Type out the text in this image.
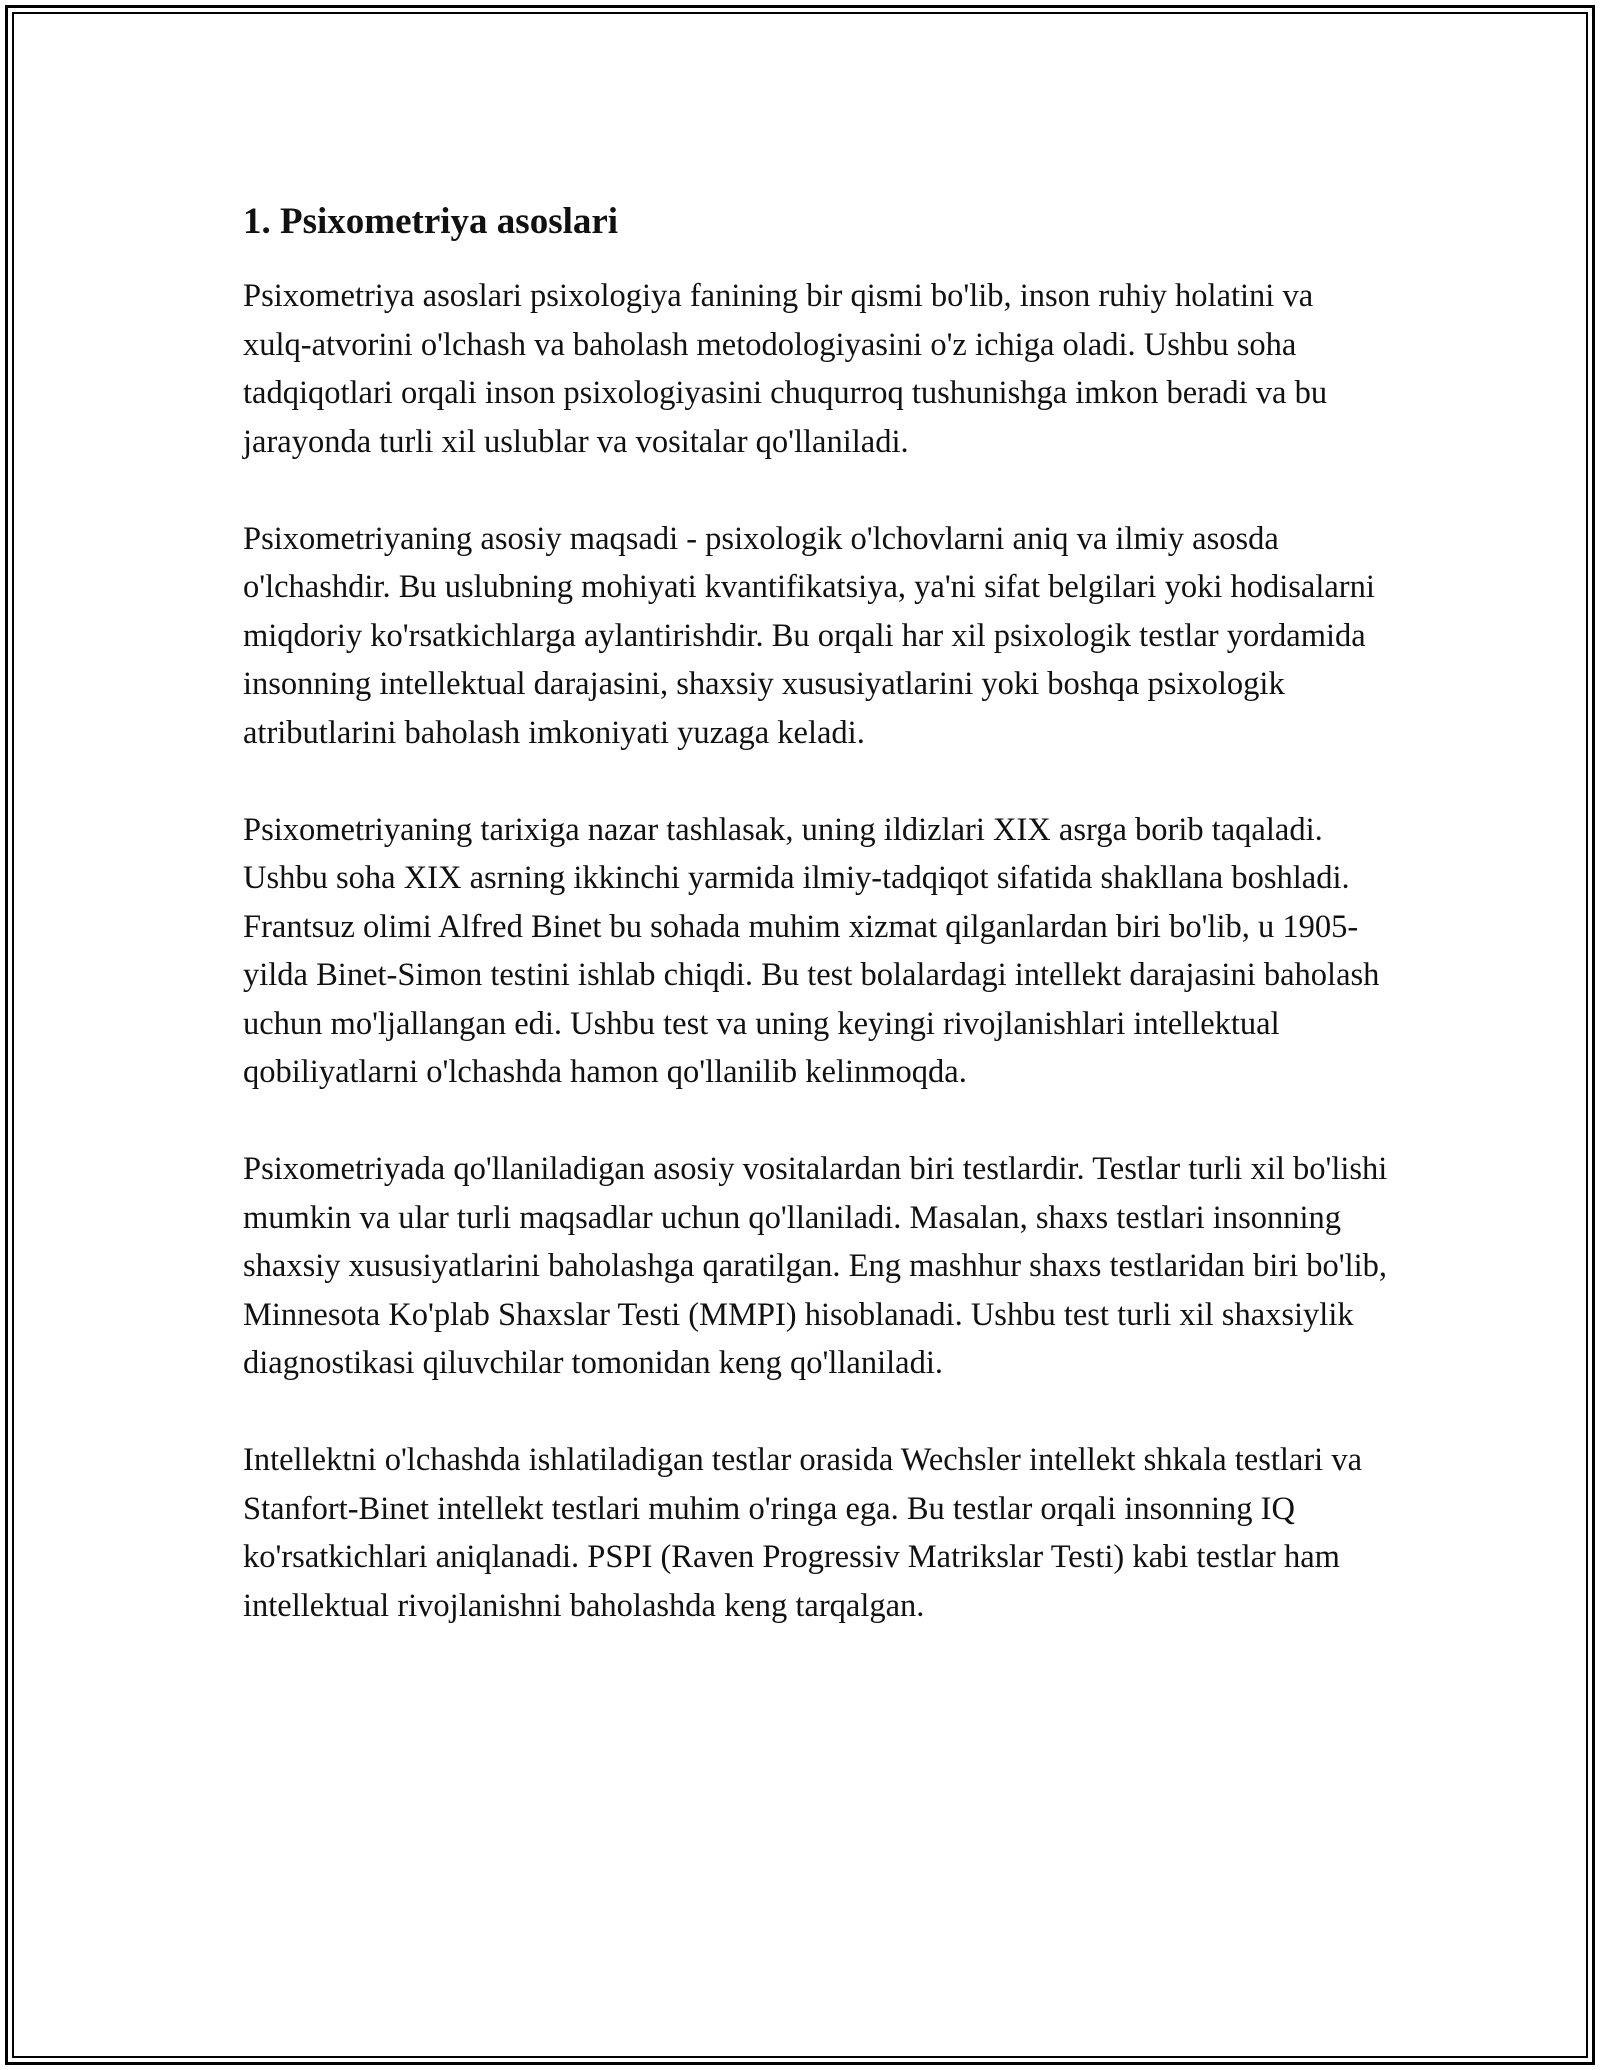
1. Psixometriya asoslari

Psixometriya asoslari psixologiya fanining bir qismi bo'lib, inson ruhiy holatini va xulq-atvorini o'lchash va baholash metodologiyasini o'z ichiga oladi. Ushbu soha tadqiqotlari orqali inson psixologiyasini chuqurroq tushunishga imkon beradi va bu jarayonda turli xil uslublar va vositalar qo'llaniladi.

Psixometriyaning asosiy maqsadi - psixologik o'lchovlarni aniq va ilmiy asosda o'lchashdir. Bu uslubning mohiyati kvantifikatsiya, ya'ni sifat belgilari yoki hodisalarni miqdoriy ko'rsatkichlarga aylantirishdir. Bu orqali har xil psixologik testlar yordamida insonning intellektual darajasini, shaxsiy xususiyatlarini yoki boshqa psixologik atributlarini baholash imkoniyati yuzaga keladi.

Psixometriyaning tarixiga nazar tashlasak, uning ildizlari XIX asrga borib taqaladi. Ushbu soha XIX asrning ikkinchi yarmida ilmiy-tadqiqot sifatida shakllana boshladi. Frantsuz olimi Alfred Binet bu sohada muhim xizmat qilganlardan biri bo'lib, u 1905-yilda Binet-Simon testini ishlab chiqdi. Bu test bolalardagi intellekt darajasini baholash uchun mo'ljallangan edi. Ushbu test va uning keyingi rivojlanishlari intellektual qobiliyatlarni o'lchashda hamon qo'llanilib kelinmoqda.

Psixometriyada qo'llaniladigan asosiy vositalardan biri testlardir. Testlar turli xil bo'lishi mumkin va ular turli maqsadlar uchun qo'llaniladi. Masalan, shaxs testlari insonning shaxsiy xususiyatlarini baholashga qaratilgan. Eng mashhur shaxs testlaridan biri bo'lib, Minnesota Ko'plab Shaxslar Testi (MMPI) hisoblanadi. Ushbu test turli xil shaxsiylik diagnostikasi qiluvchilar tomonidan keng qo'llaniladi.

Intellektni o'lchashda ishlatiladigan testlar orasida Wechsler intellekt shkala testlari va Stanfort-Binet intellekt testlari muhim o'ringa ega. Bu testlar orqali insonning IQ ko'rsatkichlari aniqlanadi. PSPI (Raven Progressiv Matrikslar Testi) kabi testlar ham intellektual rivojlanishni baholashda keng tarqalgan.
